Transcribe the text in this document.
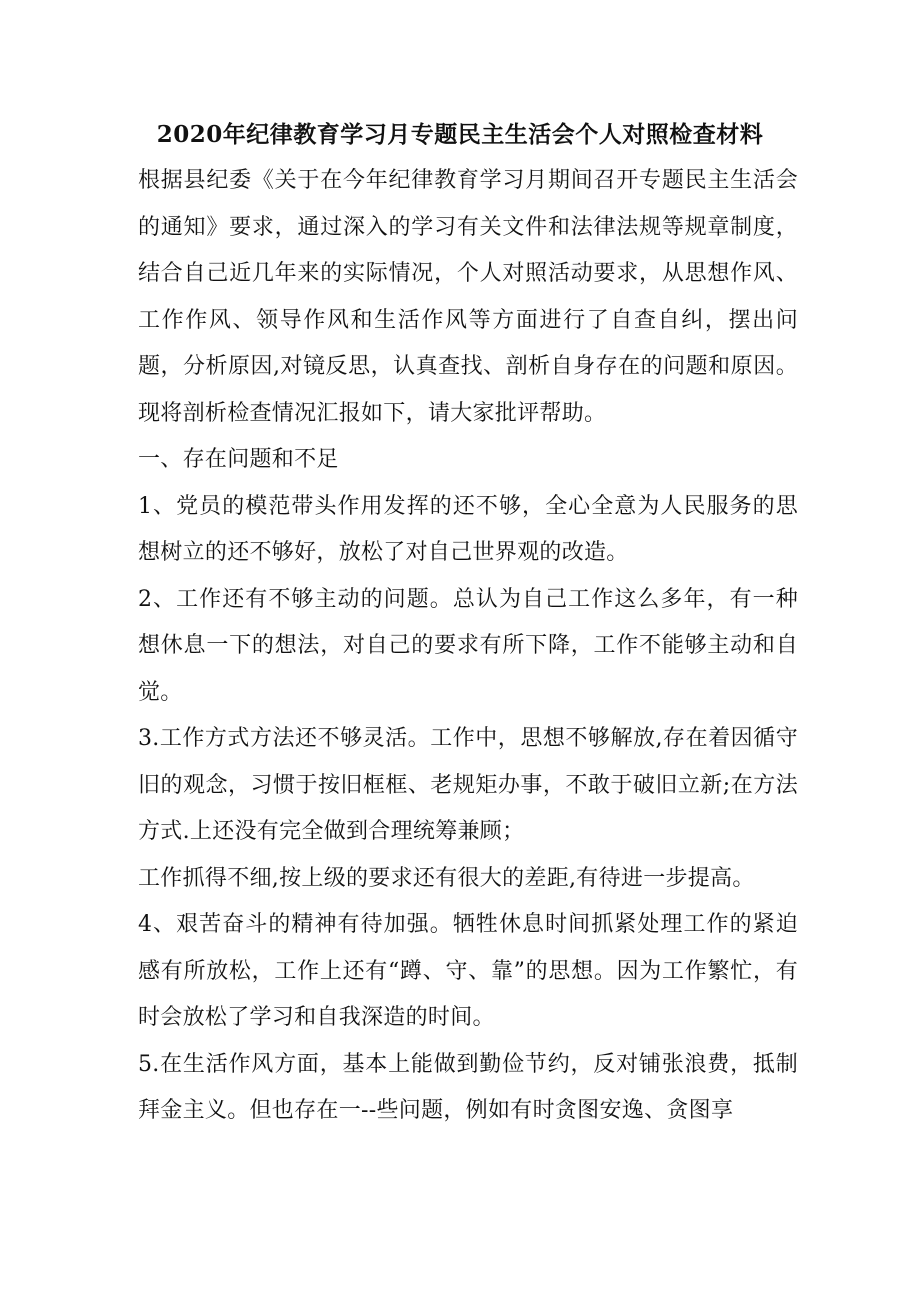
2020年纪律教育学习月专题民主生活会个人对照检查材料

根据县纪委《关于在今年纪律教育学习月期间召开专题民主生活会的通知》要求，通过深入的学习有关文件和法律法规等规章制度，结合自己近几年来的实际情况，个人对照活动要求，从思想作风、工作作风、领导作风和生活作风等方面进行了自查自纠，摆出问题，分析原因,对镜反思，认真查找、剖析自身存在的问题和原因。现将剖析检查情况汇报如下，请大家批评帮助。

一、存在问题和不足

1、党员的模范带头作用发挥的还不够，全心全意为人民服务的思想树立的还不够好，放松了对自己世界观的改造。

2、工作还有不够主动的问题。总认为自己工作这么多年，有一种想休息一下的想法，对自己的要求有所下降，工作不能够主动和自觉。

3.工作方式方法还不够灵活。工作中，思想不够解放,存在着因循守旧的观念，习惯于按旧框框、老规矩办事，不敢于破旧立新;在方法方式.上还没有完全做到合理统筹兼顾；

工作抓得不细,按上级的要求还有很大的差距,有待进一步提高。

4、艰苦奋斗的精神有待加强。牺牲休息时间抓紧处理工作的紧迫感有所放松，工作上还有“蹲、守、靠”的思想。因为工作繁忙，有时会放松了学习和自我深造的时间。

5.在生活作风方面，基本上能做到勤俭节约，反对铺张浪费，抵制拜金主义。但也存在一--些问题，例如有时贪图安逸、贪图享
